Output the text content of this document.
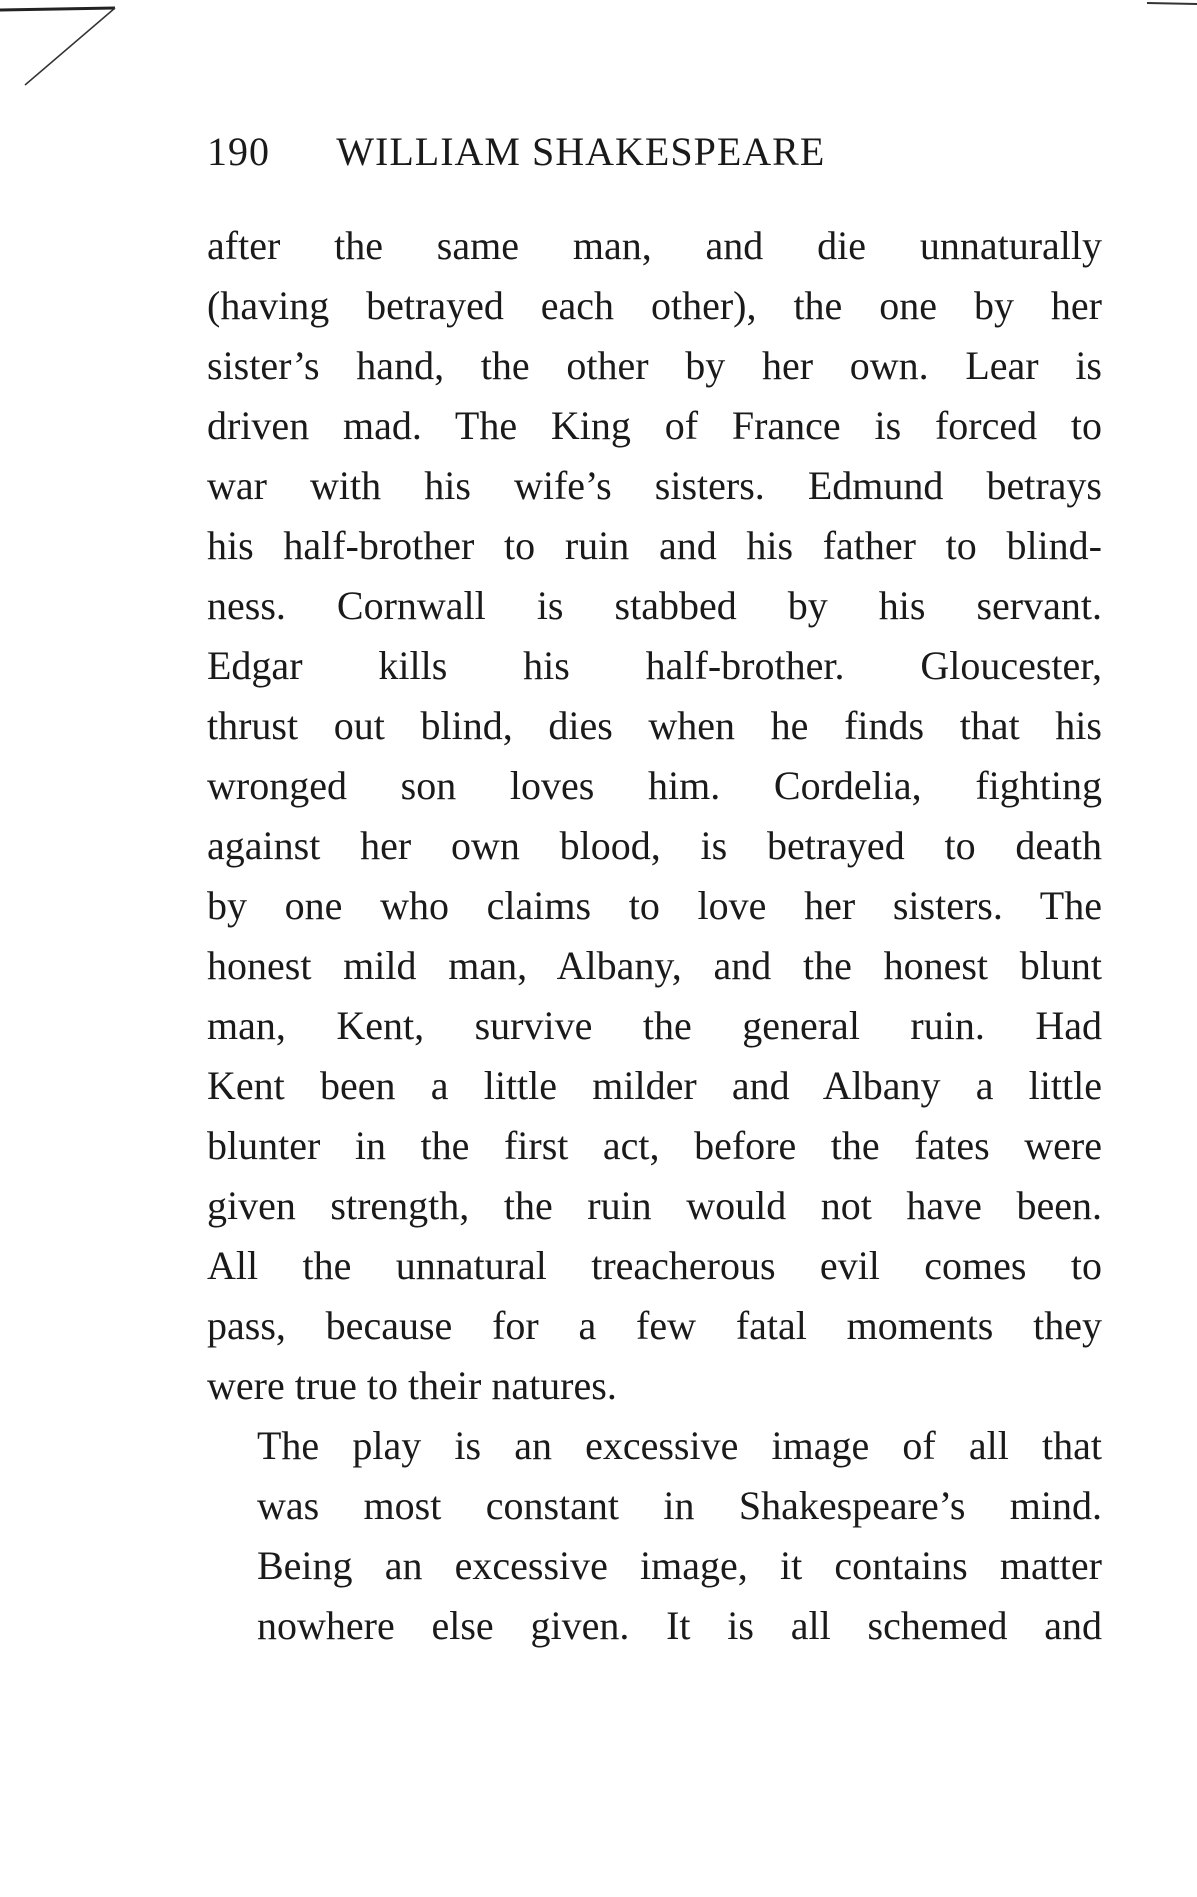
190 WILLIAM SHAKESPEARE

after the same man, and die unnaturally
(having betrayed each other), the one by her
sister’s hand, the other by her own. Lear is
driven mad. The King of France is forced to
war with his wife’s sisters. Edmund betrays
his half-brother to ruin and his father to blind-
ness. Cornwall is stabbed by his servant.
Edgar kills his half-brother. Gloucester,
thrust out blind, dies when he finds that his
wronged son loves him. Cordelia, fighting
against her own blood, is betrayed to death
by one who claims to love her sisters. The
honest mild man, Albany, and the honest blunt
man, Kent, survive the general ruin. Had
Kent been a little milder and Albany a little
blunter in the first act, before the fates were
given strength, the ruin would not have been.
All the unnatural treacherous evil comes to
pass, because for a few fatal moments they
were true to their natures.

The play is an excessive image of all that
was most constant in Shakespeare’s mind.
Being an excessive image, it contains matter
nowhere else given. It is all schemed and
